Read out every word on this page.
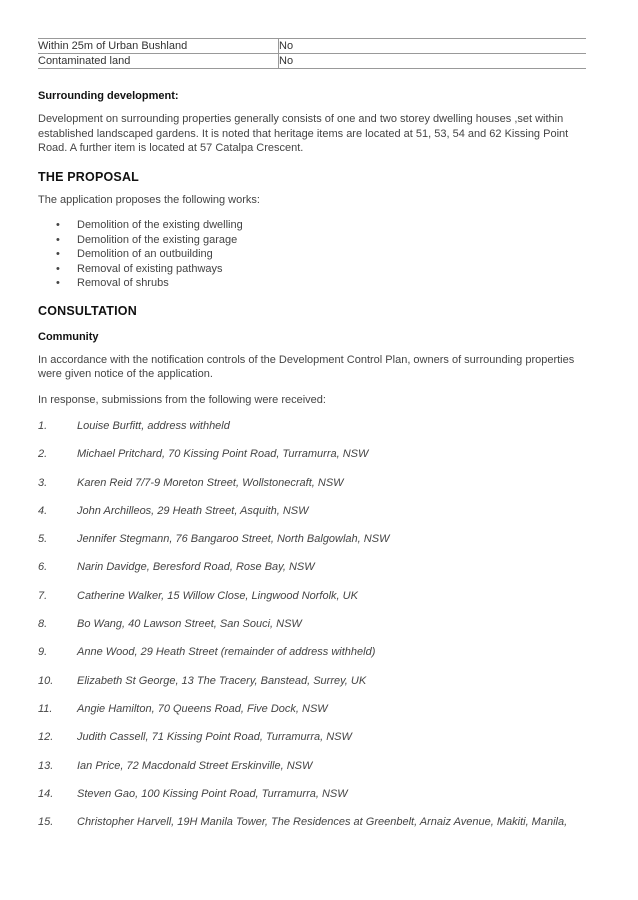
Within 25m of Urban Bushland	No
Contaminated land	No
Surrounding development:

Development on surrounding properties generally consists of one and two storey dwelling houses ,set within established landscaped gardens. It is noted that heritage items are located at 51, 53, 54 and 62 Kissing Point Road. A further item is located at 57 Catalpa Crescent.

THE PROPOSAL

The application proposes the following works:

• Demolition of the existing dwelling
• Demolition of the existing garage
• Demolition of an outbuilding
• Removal of existing pathways
• Removal of shrubs
CONSULTATION
Community

In accordance with the notification controls of the Development Control Plan, owners of surrounding properties were given notice of the application.

In response, submissions from the following were received:

1.	Louise Burfitt, address withheld
2.	Michael Pritchard, 70 Kissing Point Road, Turramurra, NSW
3.	Karen Reid 7/7-9 Moreton Street, Wollstonecraft, NSW
4.	John Archilleos, 29 Heath Street, Asquith, NSW
5.	Jennifer Stegmann, 76 Bangaroo Street, North Balgowlah, NSW
6.	Narin Davidge, Beresford Road, Rose Bay, NSW
7.	Catherine Walker, 15 Willow Close, Lingwood Norfolk, UK
8.	Bo Wang, 40 Lawson Street, San Souci, NSW
9.	Anne Wood, 29 Heath Street (remainder of address withheld)
10.	Elizabeth St George, 13 The Tracery, Banstead, Surrey, UK
11.	Angie Hamilton, 70 Queens Road, Five Dock, NSW
12.	Judith Cassell, 71 Kissing Point Road, Turramurra, NSW
13.	Ian Price, 72 Macdonald Street Erskinville, NSW
14.	Steven Gao, 100 Kissing Point Road, Turramurra, NSW
15.	Christopher Harvell, 19H Manila Tower, The Residences at Greenbelt, Arnaiz Avenue, Makiti, Manila,
